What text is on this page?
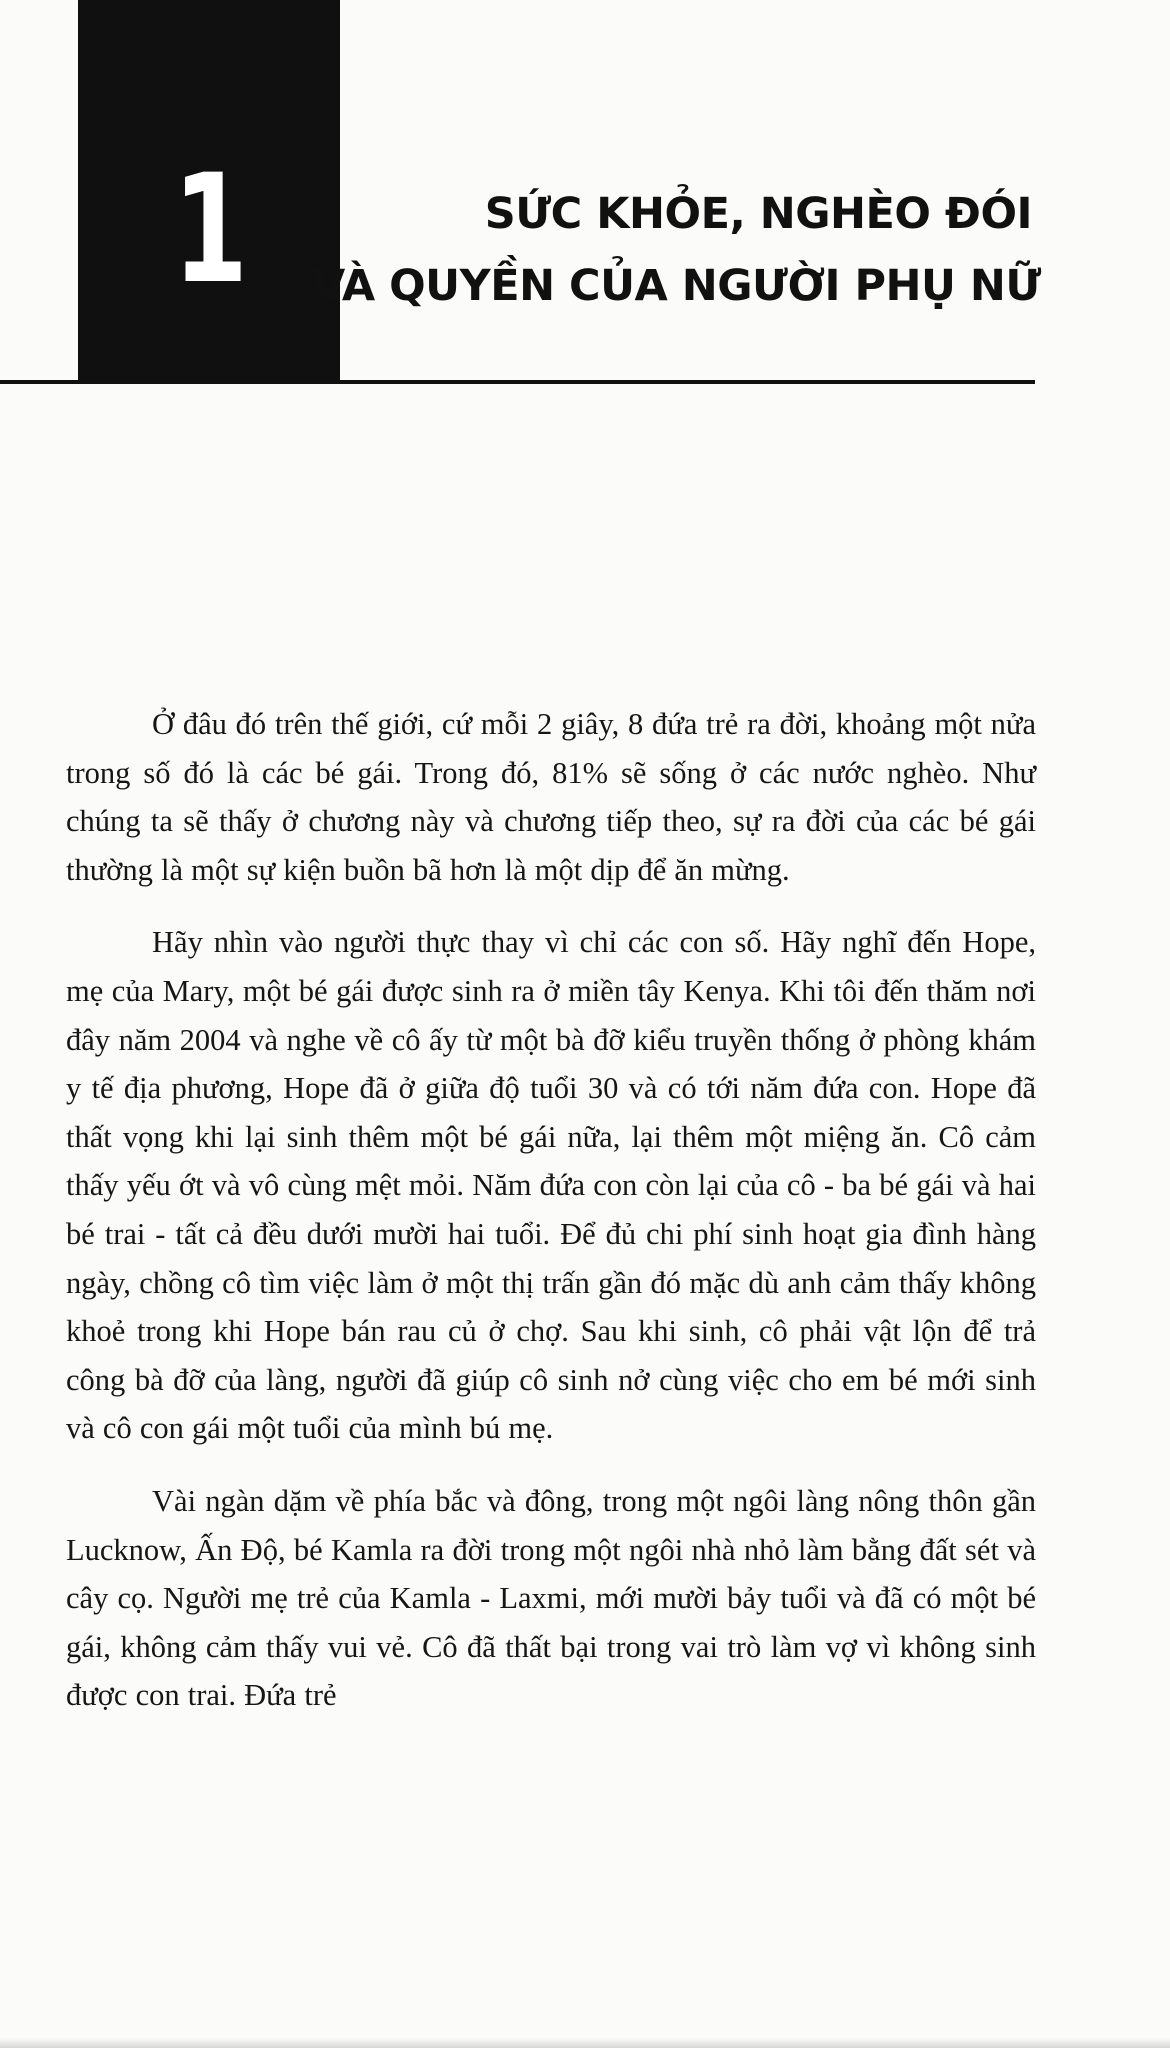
1	SỨC KHỎE, NGHÈO ĐÓI
VÀ QUYỀN CỦA NGƯỜI PHỤ NỮ

Ở đâu đó trên thế giới, cứ mỗi 2 giây, 8 đứa trẻ ra đời, khoảng một nửa trong số đó là các bé gái. Trong đó, 81% sẽ sống ở các nước nghèo. Như chúng ta sẽ thấy ở chương này và chương tiếp theo, sự ra đời của các bé gái thường là một sự kiện buồn bã hơn là một dịp để ăn mừng.

Hãy nhìn vào người thực thay vì chỉ các con số. Hãy nghĩ đến Hope, mẹ của Mary, một bé gái được sinh ra ở miền tây Kenya. Khi tôi đến thăm nơi đây năm 2004 và nghe về cô ấy từ một bà đỡ kiểu truyền thống ở phòng khám y tế địa phương, Hope đã ở giữa độ tuổi 30 và có tới năm đứa con. Hope đã thất vọng khi lại sinh thêm một bé gái nữa, lại thêm một miệng ăn. Cô cảm thấy yếu ớt và vô cùng mệt mỏi. Năm đứa con còn lại của cô - ba bé gái và hai bé trai - tất cả đều dưới mười hai tuổi. Để đủ chi phí sinh hoạt gia đình hàng ngày, chồng cô tìm việc làm ở một thị trấn gần đó mặc dù anh cảm thấy không khoẻ trong khi Hope bán rau củ ở chợ. Sau khi sinh, cô phải vật lộn để trả công bà đỡ của làng, người đã giúp cô sinh nở cùng việc cho em bé mới sinh và cô con gái một tuổi của mình bú mẹ.

Vài ngàn dặm về phía bắc và đông, trong một ngôi làng nông thôn gần Lucknow, Ấn Độ, bé Kamla ra đời trong một ngôi nhà nhỏ làm bằng đất sét và cây cọ. Người mẹ trẻ của Kamla - Laxmi, mới mười bảy tuổi và đã có một bé gái, không cảm thấy vui vẻ. Cô đã thất bại trong vai trò làm vợ vì không sinh được con trai. Đứa trẻ
